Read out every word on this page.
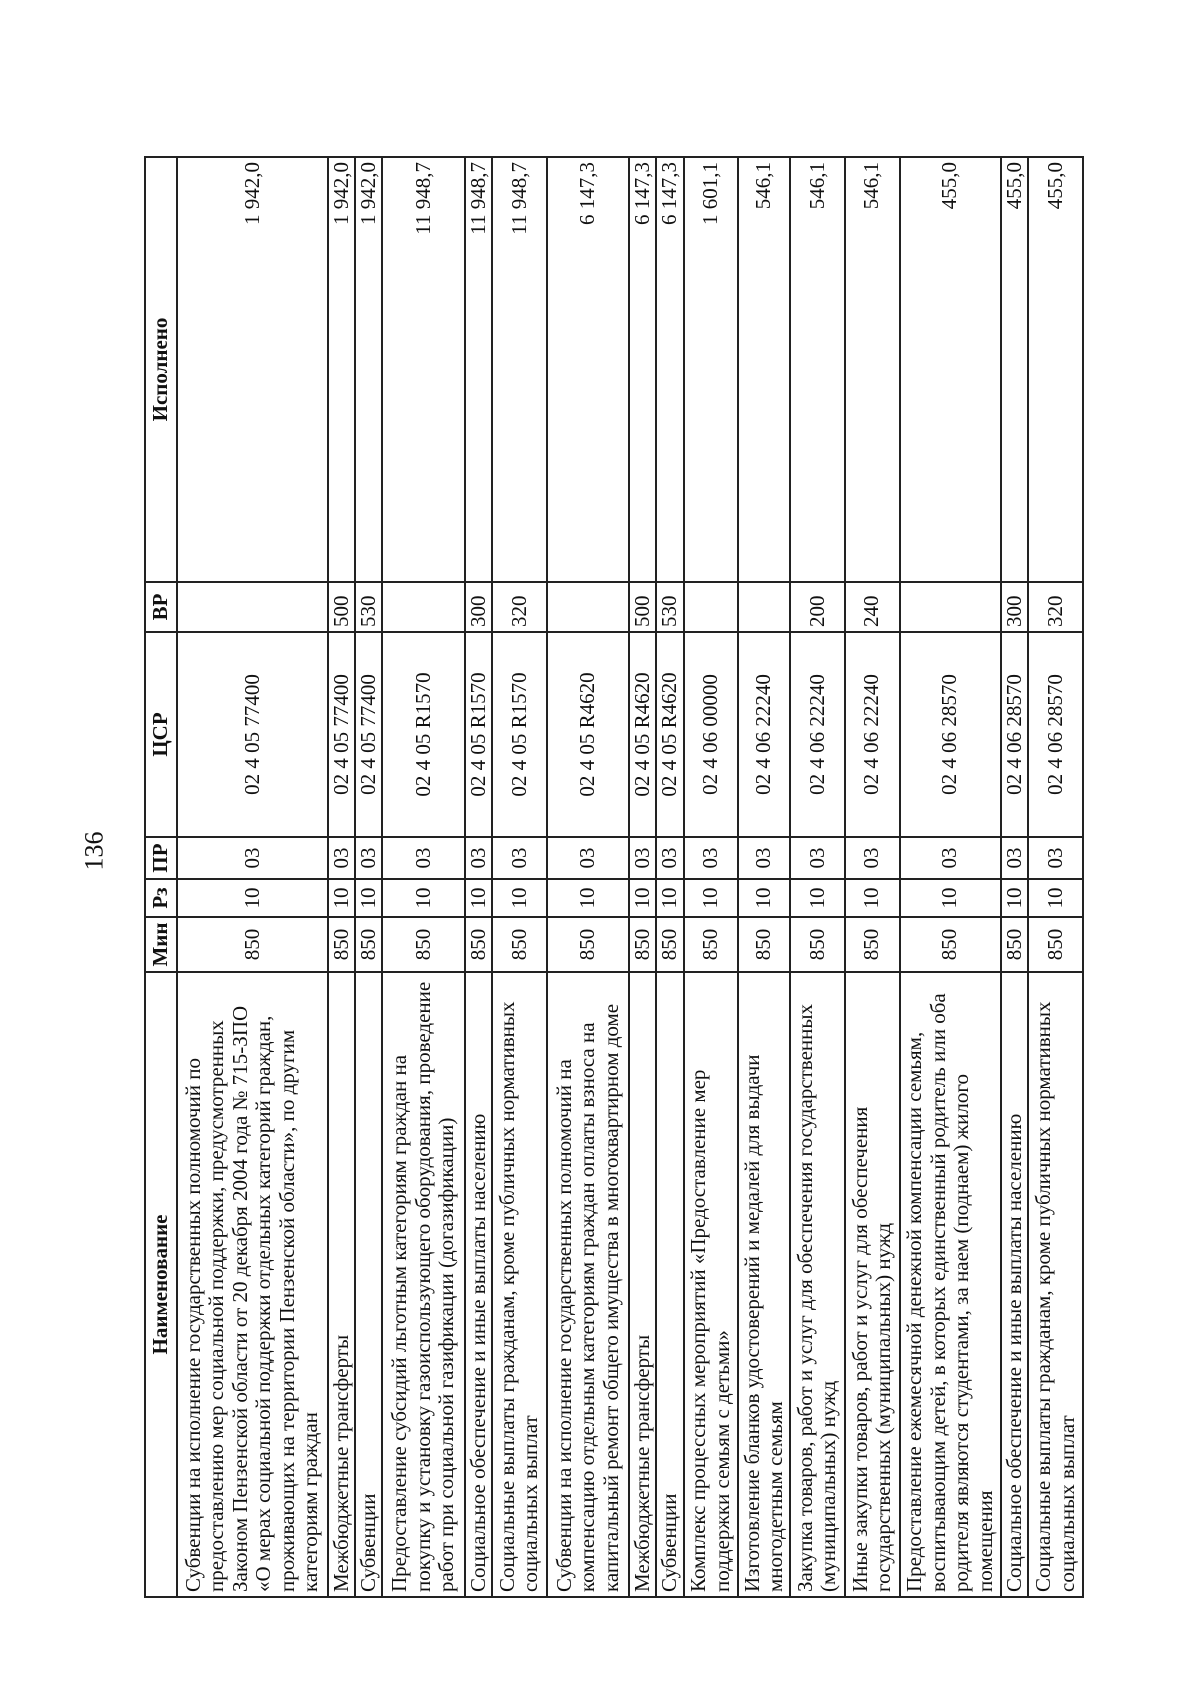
136
Наименование	Мин	Рз	ПР	ЦСР	ВР	Исполнено
Субвенции на исполнение государственных полномочий по предоставлению мер социальной поддержки, предусмотренных Законом Пензенской области от 20 декабря 2004 года № 715-ЗПО «О мерах социальной поддержки отдельных категорий граждан, проживающих на территории Пензенской области», по другим категориям граждан	850	10	03	02 4 05 77400		1 942,0
Межбюджетные трансферты	850	10	03	02 4 05 77400	500	1 942,0
Субвенции	850	10	03	02 4 05 77400	530	1 942,0
Предоставление субсидий льготным категориям граждан на покупку и установку газоиспользующего оборудования, проведение работ при социальной газификации (догазификации)	850	10	03	02 4 05 R1570		11 948,7
Социальное обеспечение и иные выплаты населению	850	10	03	02 4 05 R1570	300	11 948,7
Социальные выплаты гражданам, кроме публичных нормативных социальных выплат	850	10	03	02 4 05 R1570	320	11 948,7
Субвенции на исполнение государственных полномочий на компенсацию отдельным категориям граждан оплаты взноса на капитальный ремонт общего имущества в многоквартирном доме	850	10	03	02 4 05 R4620		6 147,3
Межбюджетные трансферты	850	10	03	02 4 05 R4620	500	6 147,3
Субвенции	850	10	03	02 4 05 R4620	530	6 147,3
Комплекс процессных мероприятий «Предоставление мер поддержки семьям с детьми»	850	10	03	02 4 06 00000		1 601,1
Изготовление бланков удостоверений и медалей для выдачи многодетным семьям	850	10	03	02 4 06 22240		546,1
Закупка товаров, работ и услуг для обеспечения государственных (муниципальных) нужд	850	10	03	02 4 06 22240	200	546,1
Иные закупки товаров, работ и услуг для обеспечения государственных (муниципальных) нужд	850	10	03	02 4 06 22240	240	546,1
Предоставление ежемесячной денежной компенсации семьям, воспитывающим детей, в которых единственный родитель или оба родителя являются студентами, за наем (поднаем) жилого помещения	850	10	03	02 4 06 28570		455,0
Социальное обеспечение и иные выплаты населению	850	10	03	02 4 06 28570	300	455,0
Социальные выплаты гражданам, кроме публичных нормативных социальных выплат	850	10	03	02 4 06 28570	320	455,0
